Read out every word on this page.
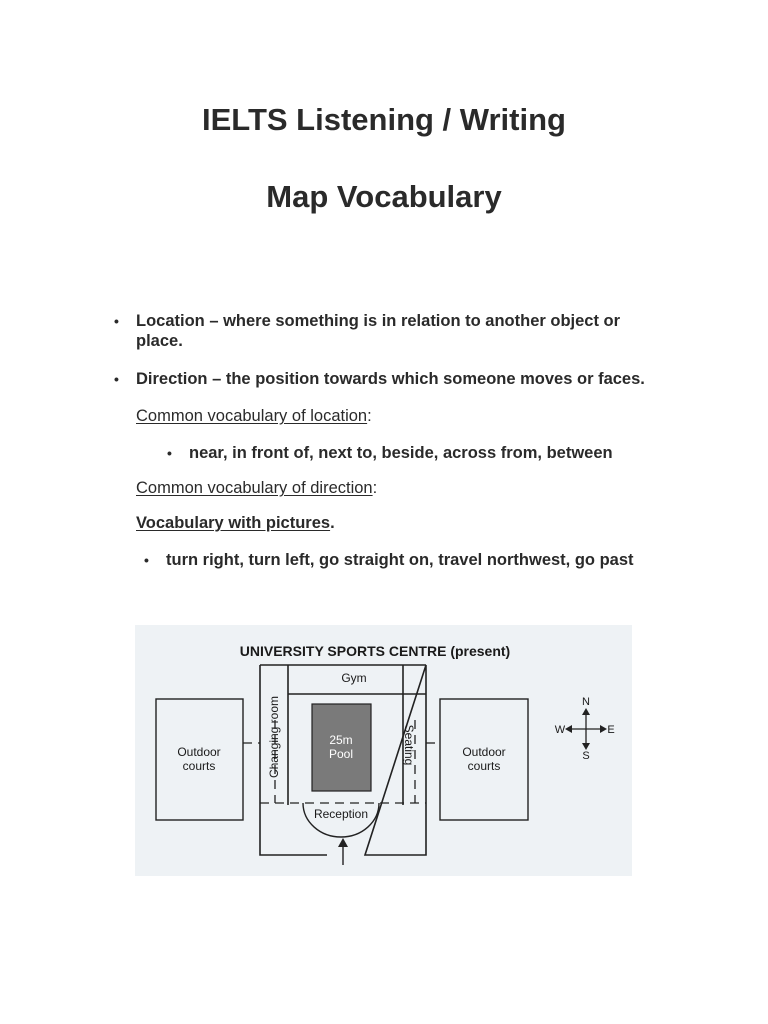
IELTS Listening / Writing
Map Vocabulary
• Location – where something is in relation to another object or place.
• Direction – the position towards which someone moves or faces.
Common vocabulary of location:
• near, in front of, next to, beside, across from, between
Common vocabulary of direction:
Vocabulary with pictures.
• turn right, turn left, go straight on, travel northwest, go past
UNIVERSITY SPORTS CENTRE (present)
Outdoor
courts
Outdoor
courts
Gym
Changing room	25m
Pool	Seating
Reception
N
S
E
W
